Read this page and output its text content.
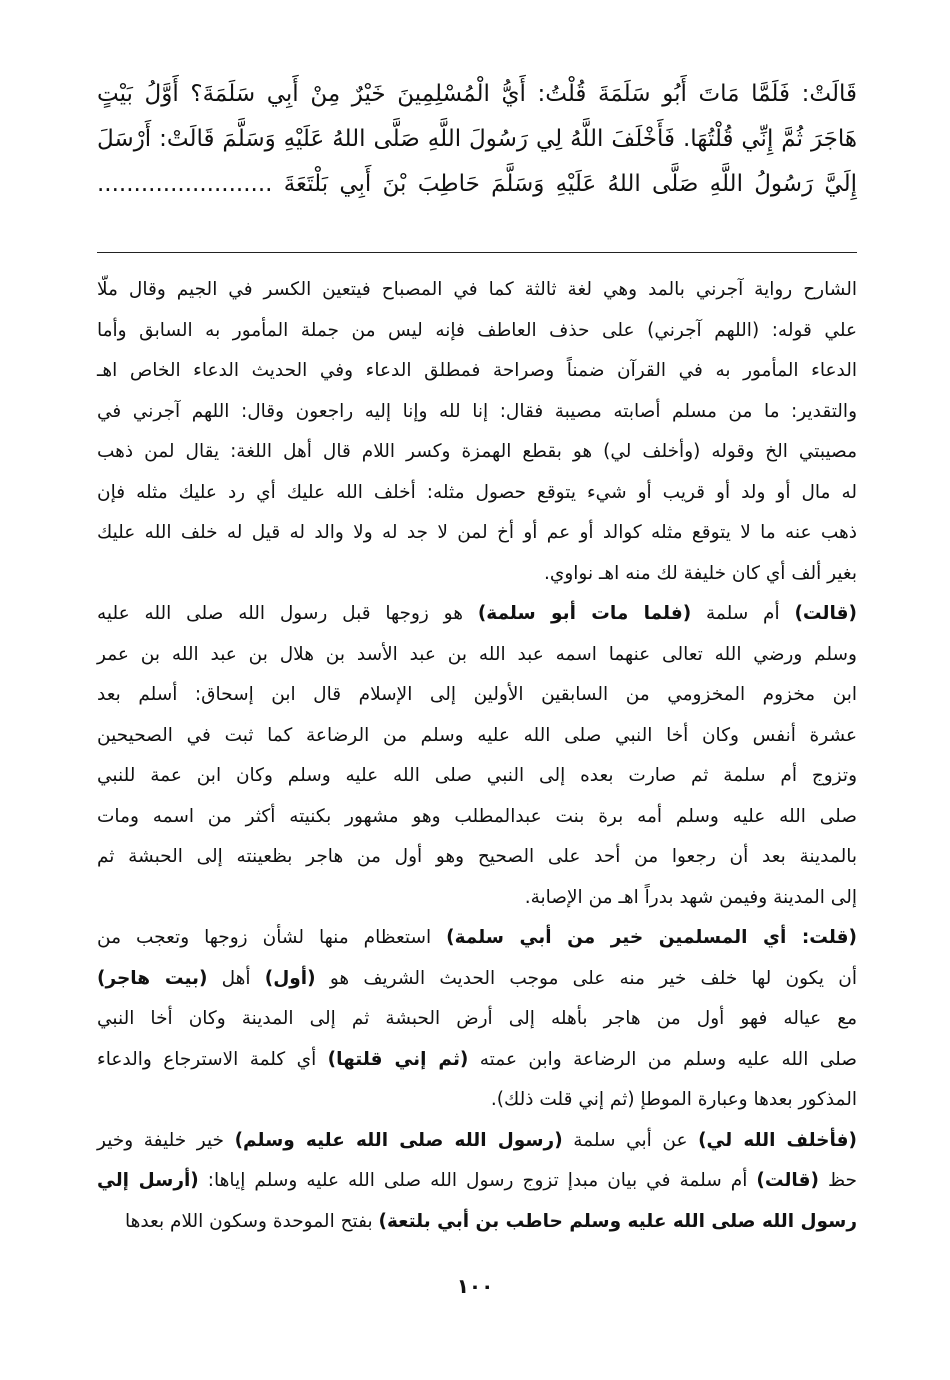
قَالَتْ: فَلَمَّا مَاتَ أَبُو سَلَمَةَ قُلْتُ: أَيُّ الْمُسْلِمِينَ خَيْرٌ مِنْ أَبِي سَلَمَةَ؟ أَوَّلُ بَيْتٍ
هَاجَرَ ثُمَّ إِنِّي قُلْتُهَا. فَأَخْلَفَ اللَّهُ لِي رَسُولَ اللَّهِ صَلَّى اللهُ عَلَيْهِ وَسَلَّمَ قَالَتْ: أَرْسَلَ
إِلَيَّ رَسُولُ اللَّهِ صَلَّى اللهُ عَلَيْهِ وَسَلَّمَ حَاطِبَ بْنَ أَبِي بَلْتَعَةَ ........................
الشارح رواية آجرني بالمد وهي لغة ثالثة كما في المصباح فيتعين الكسر في الجيم وقال ملّا
علي قوله: (اللهم آجرني) على حذف العاطف فإنه ليس من جملة المأمور به السابق وأما
الدعاء المأمور به في القرآن ضمناً وصراحة فمطلق الدعاء وفي الحديث الدعاء الخاص اهـ
والتقدير: ما من مسلم أصابته مصيبة فقال: إنا لله وإنا إليه راجعون وقال: اللهم آجرني في
مصيبتي الخ وقوله (وأخلف لي) هو بقطع الهمزة وكسر اللام قال أهل اللغة: يقال لمن ذهب
له مال أو ولد أو قريب أو شيء يتوقع حصول مثله: أخلف الله عليك أي رد عليك مثله فإن
ذهب عنه ما لا يتوقع مثله كوالد أو عم أو أخ لمن لا جد له ولا والد له قيل له خلف الله عليك
بغير ألف أي كان خليفة لك منه اهـ نواوي.
(قالت) أم سلمة (فلما مات أبو سلمة) هو زوجها قبل رسول الله صلى الله عليه
وسلم ورضي الله تعالى عنهما اسمه عبد الله بن عبد الأسد بن هلال بن عبد الله بن عمر
ابن مخزوم المخزومي من السابقين الأولين إلى الإسلام قال ابن إسحاق: أسلم بعد
عشرة أنفس وكان أخا النبي صلى الله عليه وسلم من الرضاعة كما ثبت في الصحيحين
وتزوج أم سلمة ثم صارت بعده إلى النبي صلى الله عليه وسلم وكان ابن عمة للنبي
صلى الله عليه وسلم أمه برة بنت عبدالمطلب وهو مشهور بكنيته أكثر من اسمه ومات
بالمدينة بعد أن رجعوا من أحد على الصحيح وهو أول من هاجر بظعينته إلى الحبشة ثم
إلى المدينة وفيمن شهد بدراً اهـ من الإصابة.
(قلت: أي المسلمين خير من أبي سلمة) استعظام منها لشأن زوجها وتعجب من
أن يكون لها خلف خير منه على موجب الحديث الشريف هو (أول) أهل (بيت هاجر)
مع عياله فهو أول من هاجر بأهله إلى أرض الحبشة ثم إلى المدينة وكان أخا النبي
صلى الله عليه وسلم من الرضاعة وابن عمته (ثم إني قلتها) أي كلمة الاسترجاع والدعاء
المذكور بعدها وعبارة الموطإ (ثم إني قلت ذلك).
(فأخلف الله لي) عن أبي سلمة (رسول الله صلى الله عليه وسلم) خير خليفة وخير
حظ (قالت) أم سلمة في بيان مبدإ تزوج رسول الله صلى الله عليه وسلم إياها: (أرسل إلي
رسول الله صلى الله عليه وسلم حاطب بن أبي بلتعة) بفتح الموحدة وسكون اللام بعدها
١٠٠
